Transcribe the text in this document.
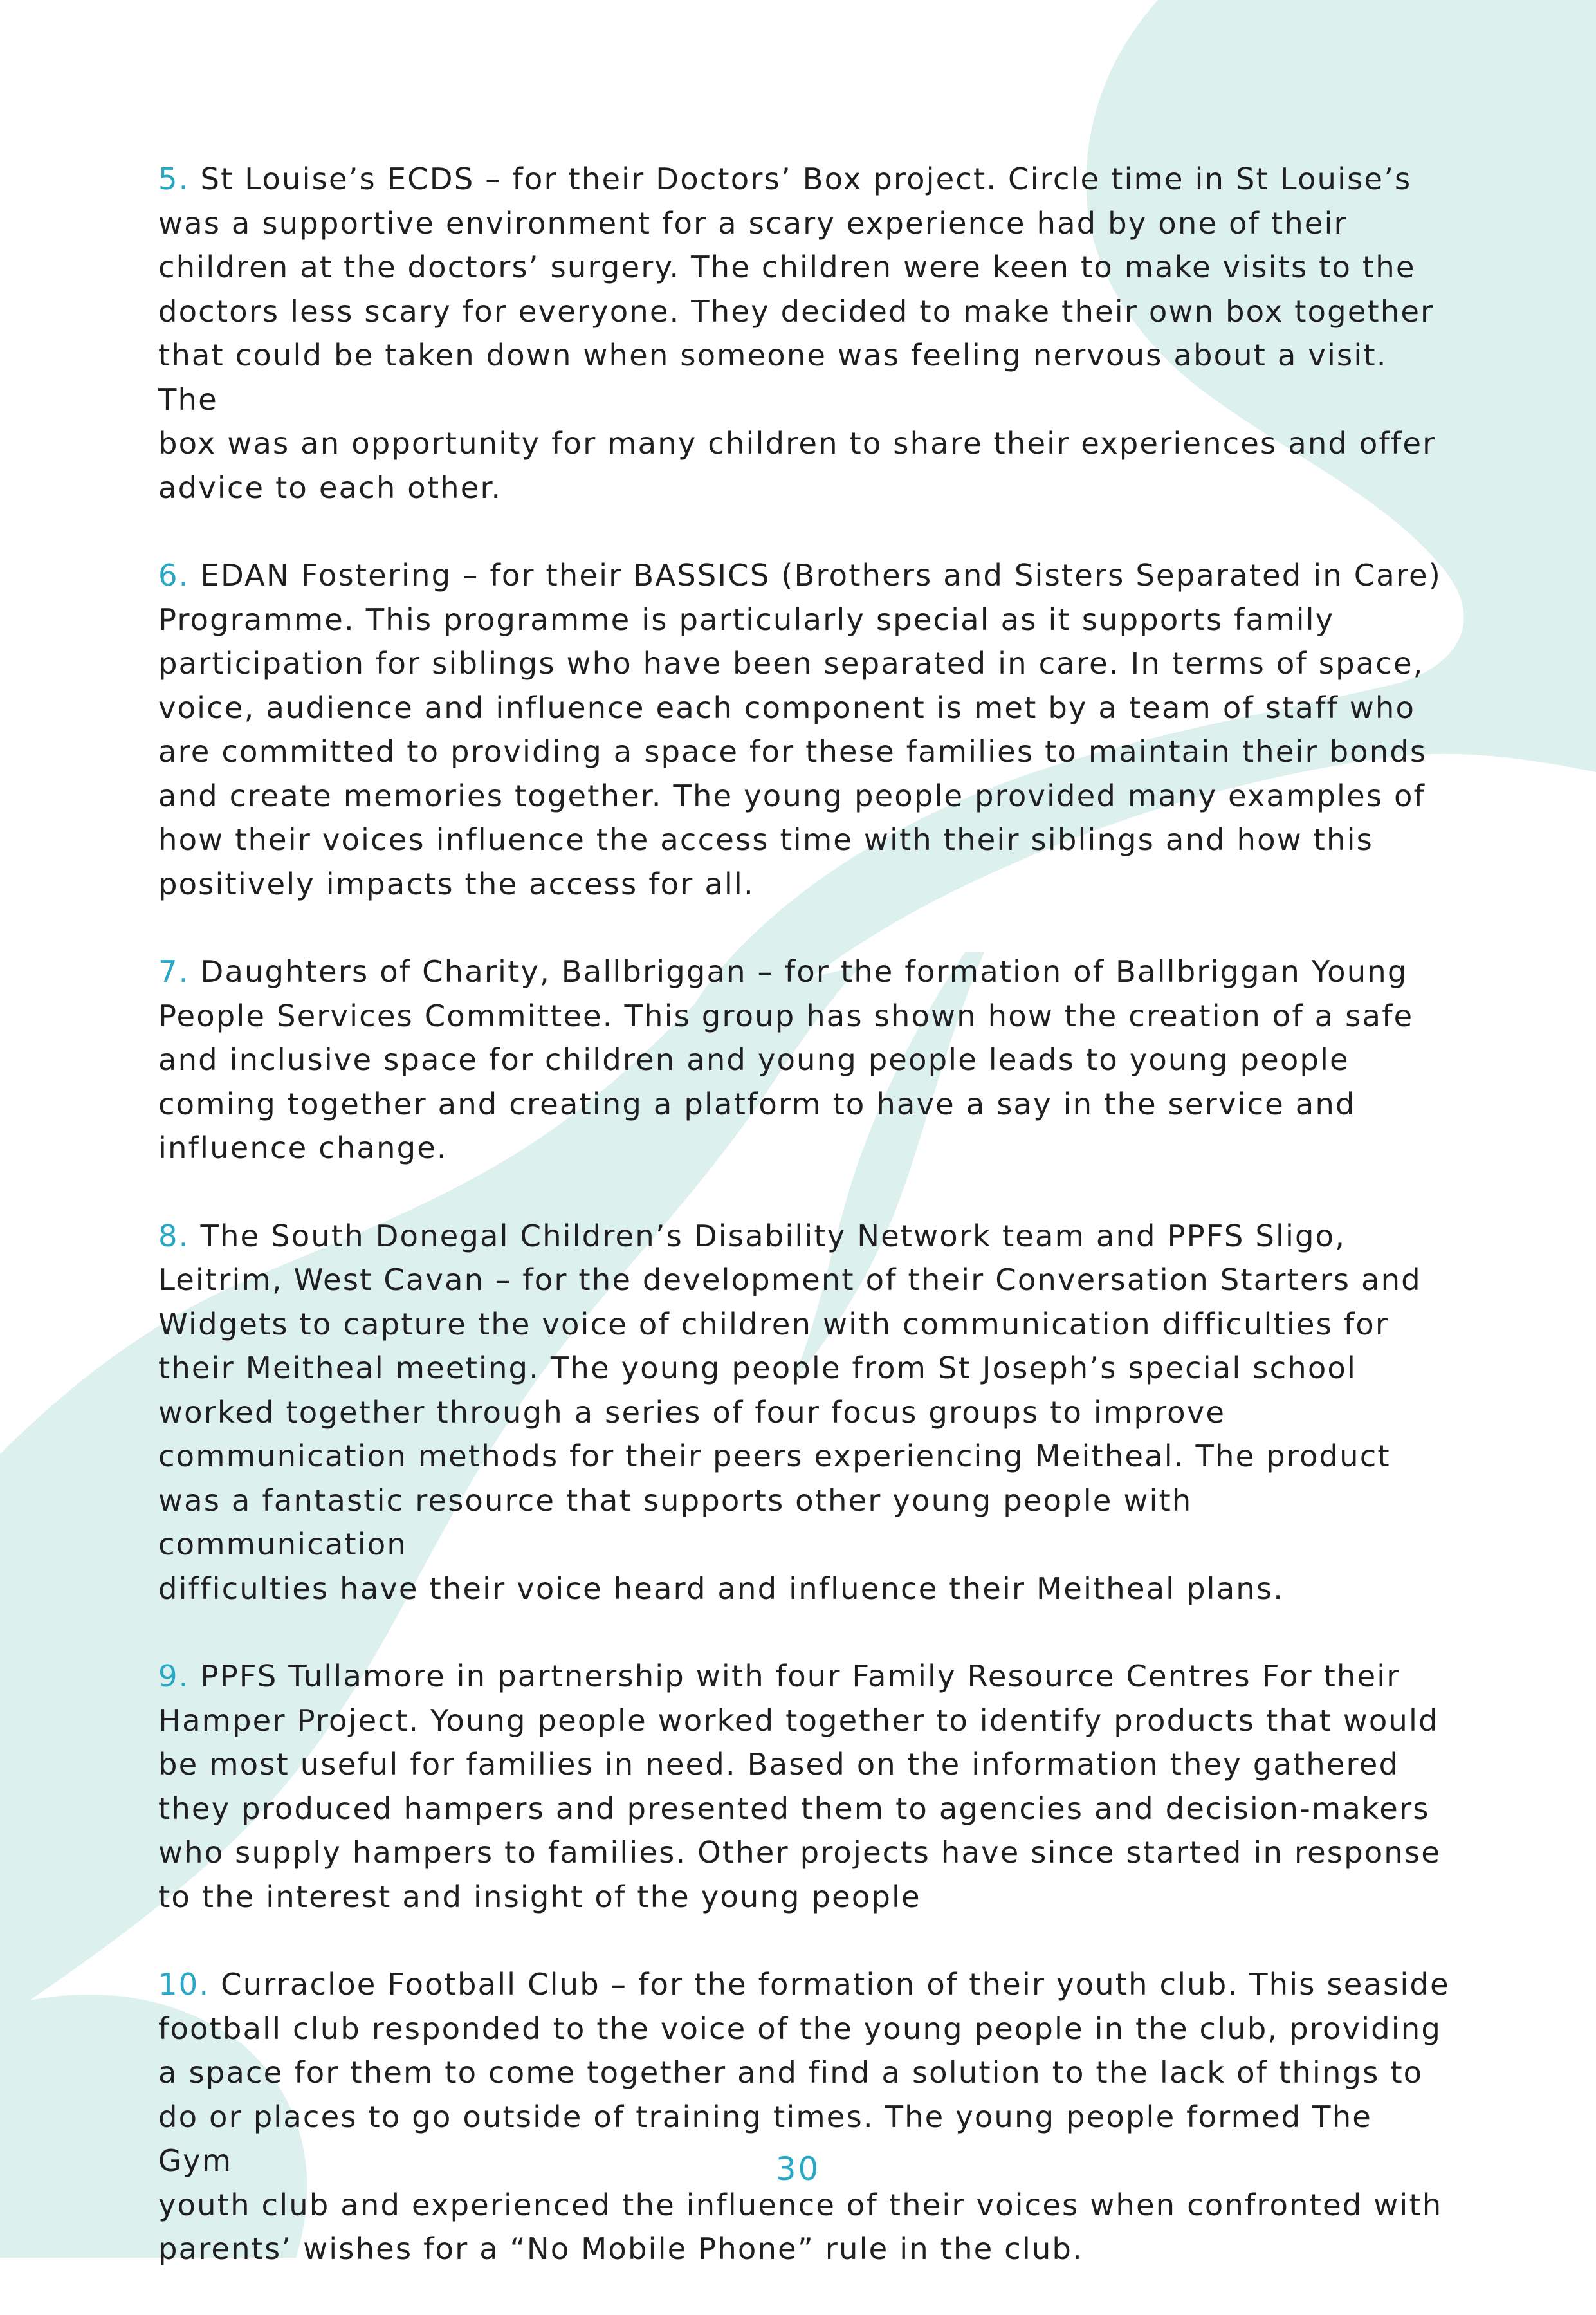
5. St Louise’s ECDS – for their Doctors’ Box project. Circle time in St Louise’s
was a supportive environment for a scary experience had by one of their
children at the doctors’ surgery. The children were keen to make visits to the
doctors less scary for everyone. They decided to make their own box together
that could be taken down when someone was feeling nervous about a visit. The
box was an opportunity for many children to share their experiences and offer
advice to each other.

6. EDAN Fostering – for their BASSICS (Brothers and Sisters Separated in Care)
Programme. This programme is particularly special as it supports family
participation for siblings who have been separated in care. In terms of space,
voice, audience and influence each component is met by a team of staff who
are committed to providing a space for these families to maintain their bonds
and create memories together. The young people provided many examples of
how their voices influence the access time with their siblings and how this
positively impacts the access for all.

7. Daughters of Charity, Ballbriggan – for the formation of Ballbriggan Young
People Services Committee. This group has shown how the creation of a safe
and inclusive space for children and young people leads to young people
coming together and creating a platform to have a say in the service and
influence change.

8. The South Donegal Children’s Disability Network team and PPFS Sligo,
Leitrim, West Cavan – for the development of their Conversation Starters and
Widgets to capture the voice of children with communication difficulties for
their Meitheal meeting. The young people from St Joseph’s special school
worked together through a series of four focus groups to improve
communication methods for their peers experiencing Meitheal. The product
was a fantastic resource that supports other young people with communication
difficulties have their voice heard and influence their Meitheal plans.

9. PPFS Tullamore in partnership with four Family Resource Centres For their
Hamper Project. Young people worked together to identify products that would
be most useful for families in need. Based on the information they gathered
they produced hampers and presented them to agencies and decision-makers
who supply hampers to families. Other projects have since started in response
to the interest and insight of the young people

10. Curracloe Football Club – for the formation of their youth club. This seaside
football club responded to the voice of the young people in the club, providing
a space for them to come together and find a solution to the lack of things to
do or places to go outside of training times. The young people formed The Gym
youth club and experienced the influence of their voices when confronted with
parents’ wishes for a “No Mobile Phone” rule in the club.

30
